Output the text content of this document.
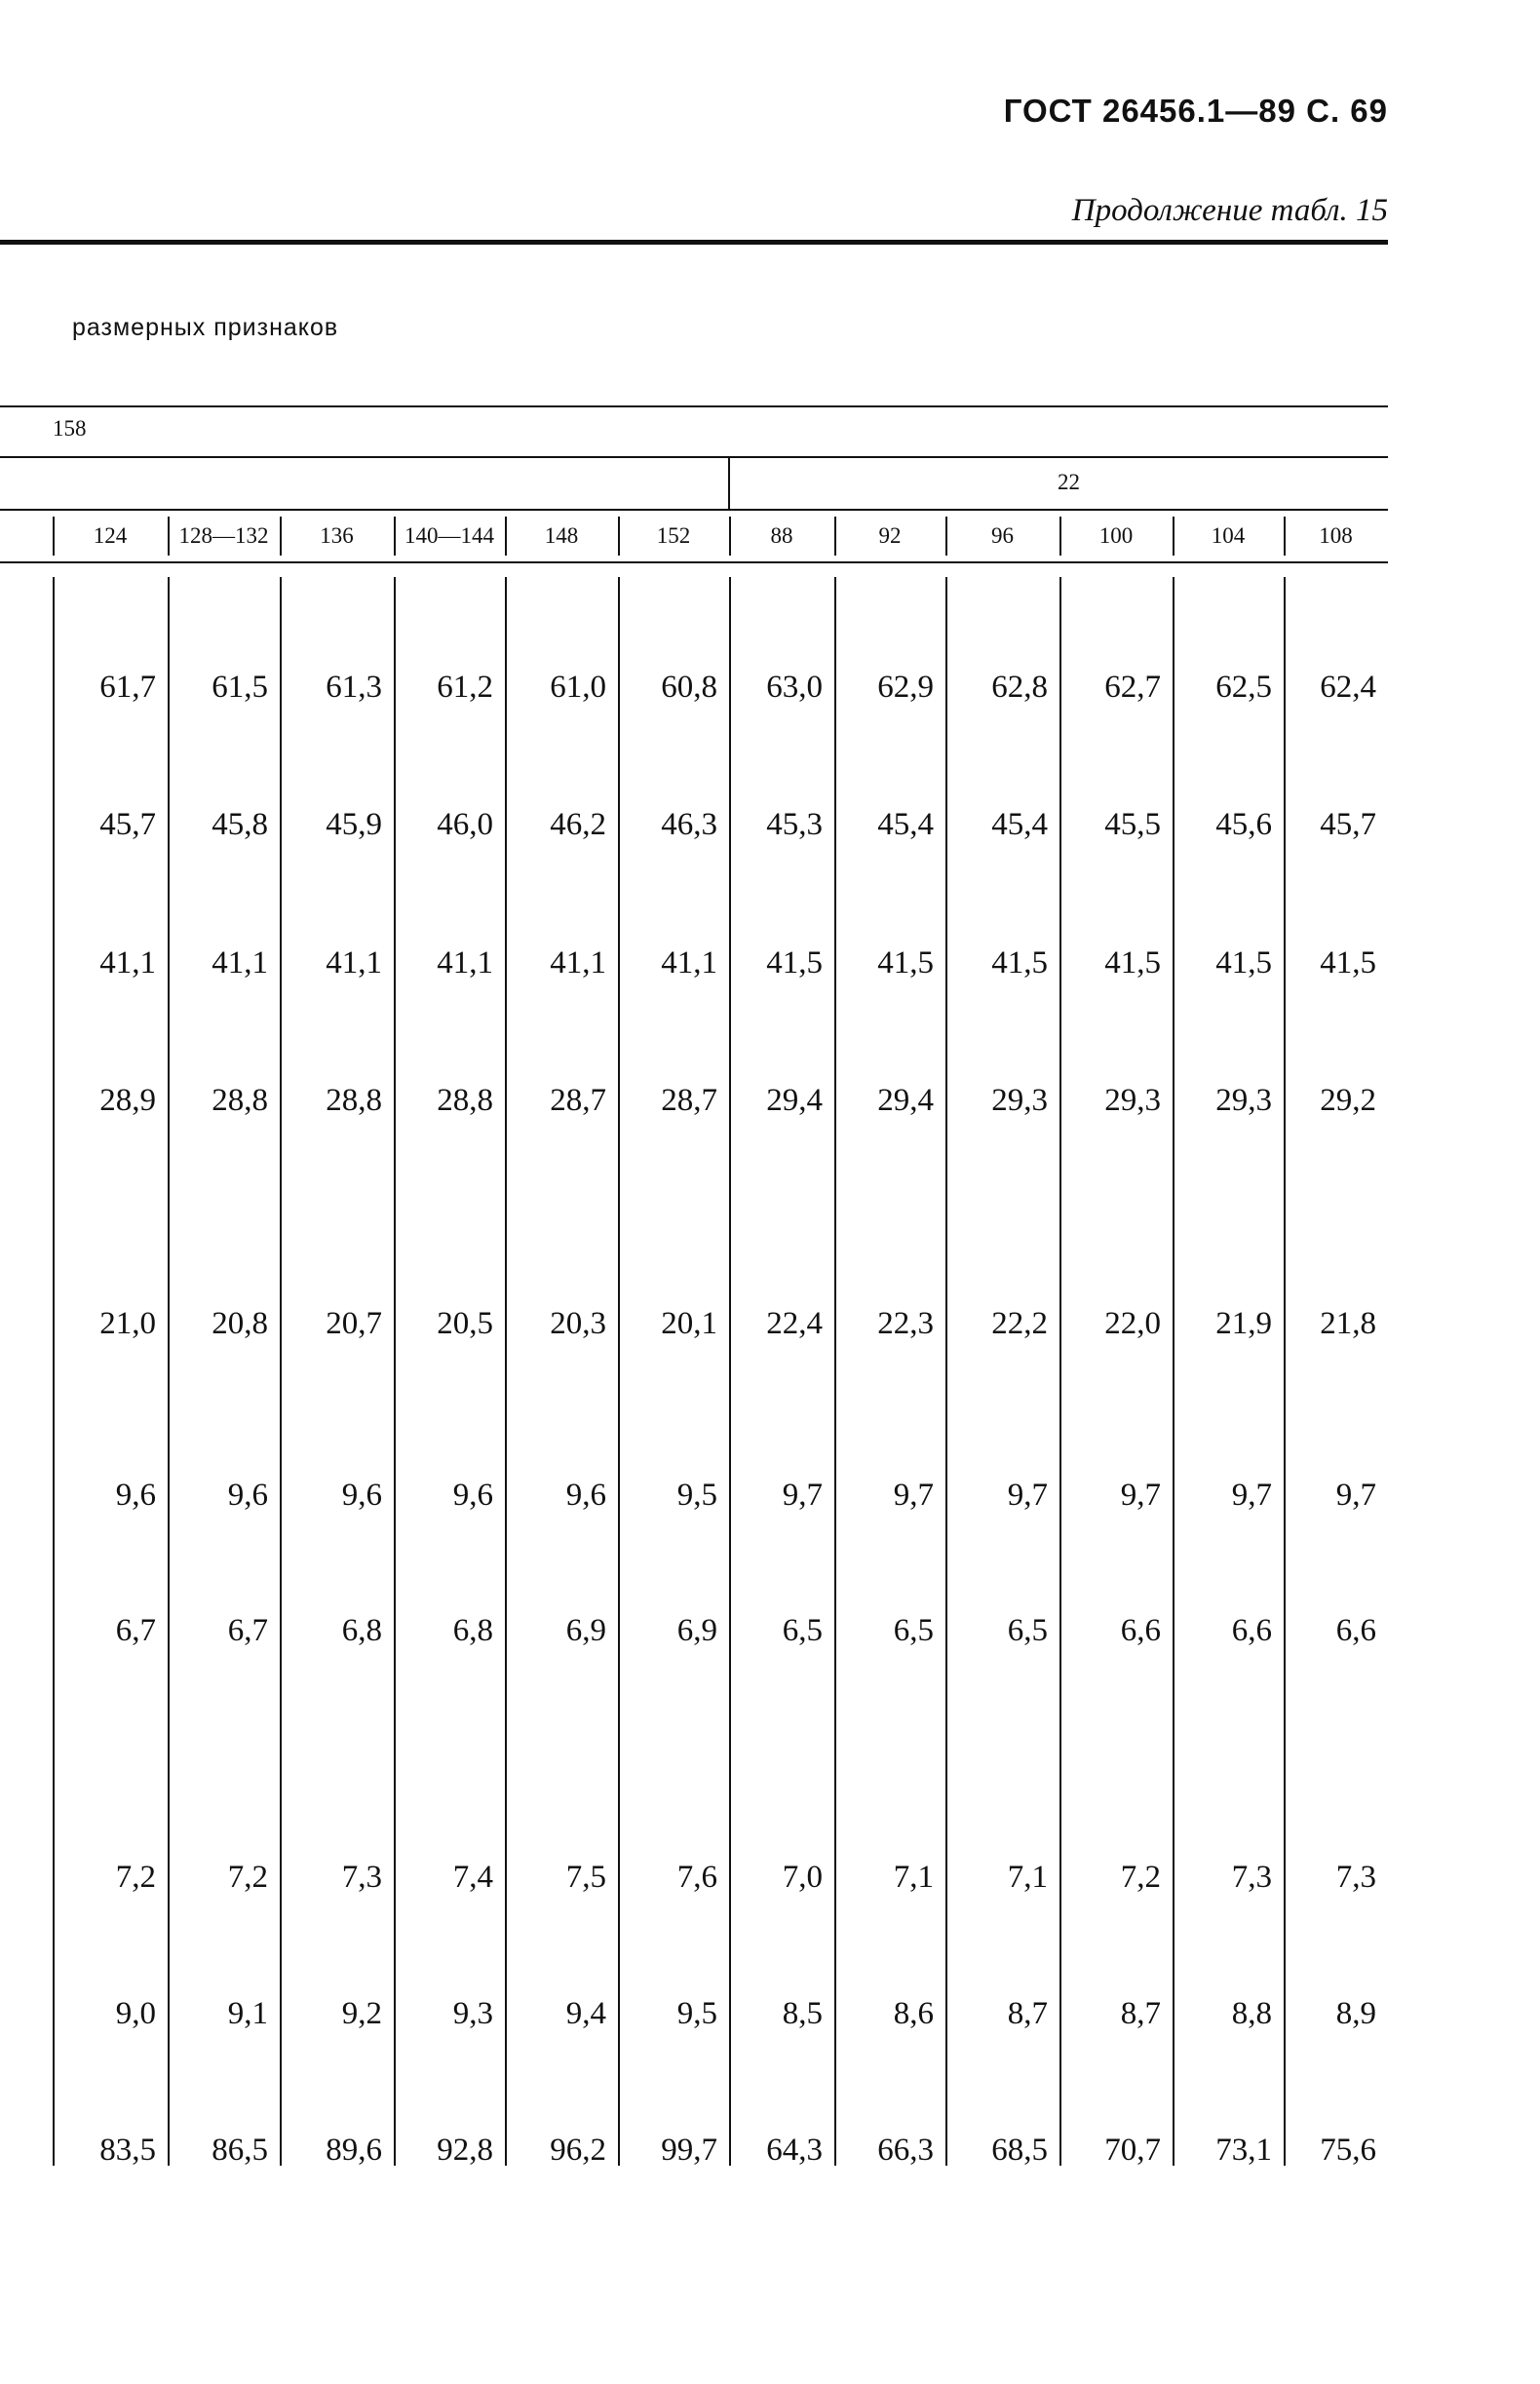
ГОСТ 26456.1—89 С. 69
Продолжение табл. 15
размерных признаков
158
22
124	128—132	136	140—144	148	152	88	92	96	100	104	108
61,7	61,5	61,3	61,2	61,0	60,8	63,0	62,9	62,8	62,7	62,5	62,4
45,7	45,8	45,9	46,0	46,2	46,3	45,3	45,4	45,4	45,5	45,6	45,7
41,1	41,1	41,1	41,1	41,1	41,1	41,5	41,5	41,5	41,5	41,5	41,5
28,9	28,8	28,8	28,8	28,7	28,7	29,4	29,4	29,3	29,3	29,3	29,2
21,0	20,8	20,7	20,5	20,3	20,1	22,4	22,3	22,2	22,0	21,9	21,8
9,6	9,6	9,6	9,6	9,6	9,5	9,7	9,7	9,7	9,7	9,7	9,7
6,7	6,7	6,8	6,8	6,9	6,9	6,5	6,5	6,5	6,6	6,6	6,6
7,2	7,2	7,3	7,4	7,5	7,6	7,0	7,1	7,1	7,2	7,3	7,3
9,0	9,1	9,2	9,3	9,4	9,5	8,5	8,6	8,7	8,7	8,8	8,9
83,5	86,5	89,6	92,8	96,2	99,7	64,3	66,3	68,5	70,7	73,1	75,6
